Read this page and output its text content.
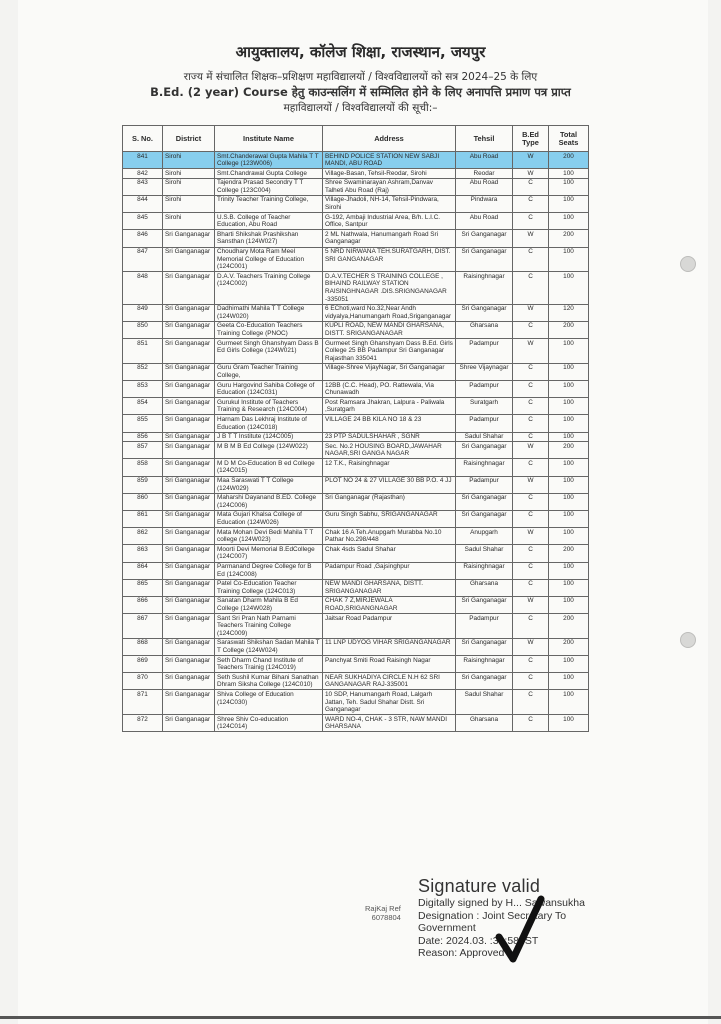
आयुक्तालय, कॉलेज शिक्षा, राजस्थान, जयपुर
राज्य में संचालित शिक्षक–प्रशिक्षण महाविद्यालयों / विश्वविद्यालयों को सत्र 2024–25 के लिए
B.Ed. (2 year) Course हेतु काउन्सलिंग में सम्मिलित होने के लिए अनापत्ति प्रमाण पत्र प्राप्त
महाविद्यालयों / विश्वविद्यालयों की सूची:–
S. No.	District	Institute Name	Address	Tehsil	B.Ed Type	Total Seats
841	Sirohi	Smt.Chanderawal Gupta Mahila T T College (123W006)	BEHIND POLICE STATION NEW SABJI MANDI, ABU ROAD	Abu Road	W	200
842	Sirohi	Smt.Chandrawal Gupta College	Village-Basan, Tehsil-Reodar, Sirohi	Reodar	W	100
843	Sirohi	Tajendra Prasad Secondry T T College (123C004)	Shree Swaminarayan Ashram,Danvav Talheti Abu Road (Raj)	Abu Road	C	100
844	Sirohi	Trinity Teacher Training College,	Village-Jhadoli, NH-14, Tehsil-Pindwara, Sirohi	Pindwara	C	100
845	Sirohi	U.S.B. College of Teacher Education, Abu Road	G-192, Ambaji Industrial Area, B/h. L.I.C. Office, Santpur	Abu Road	C	100
846	Sri Ganganagar	Bharti Shikshak Prashikshan Sansthan (124W027)	2 ML Nathwala, Hanumangarh Road Sri Ganganagar	Sri Ganganagar	W	200
847	Sri Ganganagar	Choudhary Mota Ram Meel Memorial College of Education (124C001)	5 NRD NIRWANA TEH.SURATGARH, DIST. SRI GANGANAGAR	Sri Ganganagar	C	100
848	Sri Ganganagar	D.A.V. Teachers Training College (124C002)	D.A.V.TECHER S TRAINING COLLEGE , BIHAIND RAILWAY STATION RAISINGHNAGAR .DIS.SRIGNGANAGAR -335051	Raisinghnagar	C	100
849	Sri Ganganagar	Dadhimathi Mahila T T College (124W020)	6 EChoti,ward No.32,Near Andh vidyalya,Hanumangarh Road,Sriganganagar	Sri Ganganagar	W	120
850	Sri Ganganagar	Geeta Co-Education Teachers Training College (PNOC)	KUPLI ROAD, NEW MANDI GHARSANA, DISTT. SRIGANGANAGAR	Gharsana	C	200
851	Sri Ganganagar	Gurmeet Singh Ghanshyam Dass B Ed Girls College (124W021)	Gurmeet Singh Ghanshyam Dass B.Ed. Girls College 25 BB Padampur Sri Ganganagar Rajasthan 335041	Padampur	W	100
852	Sri Ganganagar	Guru Gram Teacher Training College,	Village-Shree VijayNagar, Sri Ganganagar	Shree Vijaynagar	C	100
853	Sri Ganganagar	Guru Hargovind Sahiba College of Education (124C031)	12BB (C.C. Head), PO. Rattewala, Via Chunawadh	Padampur	C	100
854	Sri Ganganagar	Gurukul Institute of Teachers Training & Research (124C004)	Post Ramsara Jhakran, Lalpura - Paliwala ,Suratgarh	Suratgarh	C	100
855	Sri Ganganagar	Harnam Das Lekhraj Institute of Education (124C018)	VILLAGE 24 BB KILA NO 18 & 23	Padampur	C	100
856	Sri Ganganagar	J B T T Institute (124C005)	23 PTP SADULSHAHAR , SGNR	Sadul Shahar	C	100
857	Sri Ganganagar	M B M B Ed College (124W022)	Sec. No.2 HOUSING BOARD,JAWAHAR NAGAR,SRI GANGA NAGAR	Sri Ganganagar	W	200
858	Sri Ganganagar	M D M Co-Education B ed College (124C015)	12 T.K., Raisinghnagar	Raisinghnagar	C	100
859	Sri Ganganagar	Maa Saraswati T T College (124W029)	PLOT NO 24 & 27 VILLAGE 30 BB P.O. 4 JJ	Padampur	W	100
860	Sri Ganganagar	Maharshi Dayanand B.ED. College (124C006)	Sri Ganganagar (Rajasthan)	Sri Ganganagar	C	100
861	Sri Ganganagar	Mata Gujari Khalsa College of Education (124W026)	Guru Singh Sabhu, SRIGANGANAGAR	Sri Ganganagar	C	100
862	Sri Ganganagar	Mata Mohan Devi Bedi Mahila T T college (124W023)	Chak 16 A Teh.Anupgarh Murabba No.10 Pathar No.298/448	Anupgarh	W	100
863	Sri Ganganagar	Moorti Devi Memorial B.EdCollege (124C007)	Chak 4sds Sadul Shahar	Sadul Shahar	C	200
864	Sri Ganganagar	Parmanand Degree College for B Ed (124C008)	Padampur Road ,Gajsinghpur	Raisinghnagar	C	100
865	Sri Ganganagar	Patel Co-Education Teacher Training College (124C013)	NEW MANDI GHARSANA, DISTT. SRIGANGANAGAR	Gharsana	C	100
866	Sri Ganganagar	Sanatan Dharm Mahila B Ed College (124W028)	CHAK 7 Z,MIRJEWALA ROAD,SRIGANGNAGAR	Sri Ganganagar	W	100
867	Sri Ganganagar	Sant Sri Pran Nath Parnami Teachers Training College (124C009)	Jaitsar Road Padampur	Padampur	C	200
868	Sri Ganganagar	Saraswati Shikshan Sadan Mahila T T College (124W024)	11 LNP UDYOG VIHAR SRIGANGANAGAR	Sri Ganganagar	W	200
869	Sri Ganganagar	Seth Dharm Chand Institute of Teachers Trainig (124C019)	Panchyat Smiti Road Raisingh Nagar	Raisinghnagar	C	100
870	Sri Ganganagar	Seth Sushil Kumar Bihani Sanathan Dhram Siksha College (124C010)	NEAR SUKHADIYA CIRCLE N.H 62 SRI GANGANAGAR RAJ-335001	Sri Ganganagar	C	100
871	Sri Ganganagar	Shiva College of Education (124C030)	10 SDP, Hanumangarh Road, Lalgarh Jattan, Teh. Sadul Shahar Distt. Sri Ganganagar	Sadul Shahar	C	100
872	Sri Ganganagar	Shree Shiv Co-education (124C014)	WARD NO-4, CHAK - 3 STR, NAW MANDI GHARSANA	Gharsana	C	100
RajKaj Ref
6078804
Signature valid
Digitally signed by H... Sawansukha
Designation : Joint Secretary To
Government
Date: 2024.03. :30:58 IST
Reason: Approved
